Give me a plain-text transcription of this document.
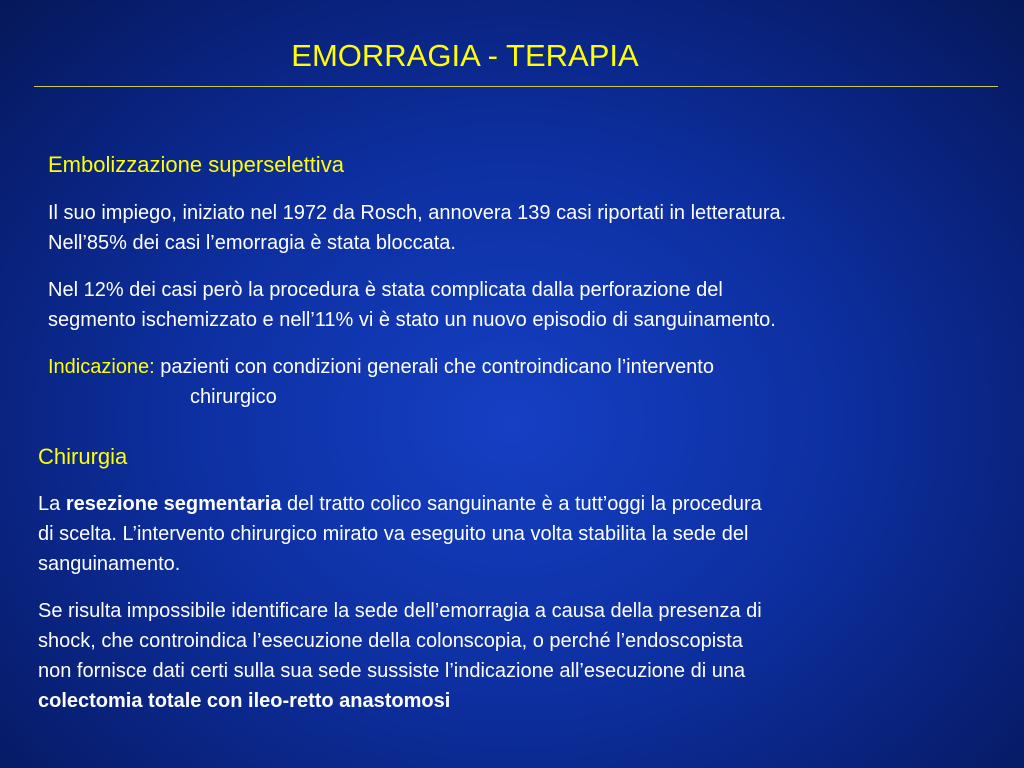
EMORRAGIA - TERAPIA

Embolizzazione superselettiva

Il suo impiego, iniziato nel 1972 da Rosch, annovera 139 casi riportati in letteratura.

Nell’85% dei casi l’emorragia è stata bloccata.

Nel 12% dei casi però la procedura è stata complicata dalla perforazione del

segmento ischemizzato e nell’11% vi è stato un nuovo episodio di sanguinamento.

Indicazione: pazienti con condizioni generali che controindicano l’intervento

chirurgico

Chirurgia

La resezione segmentaria del tratto colico sanguinante è a tutt’oggi la procedura

di scelta. L’intervento chirurgico mirato va eseguito una volta stabilita la sede del

sanguinamento.

Se risulta impossibile identificare la sede dell’emorragia a causa della presenza di

shock, che controindica l’esecuzione della colonscopia, o perché l’endoscopista

non fornisce dati certi sulla sua sede sussiste l’indicazione all’esecuzione di una

colectomia totale con ileo-retto anastomosi
